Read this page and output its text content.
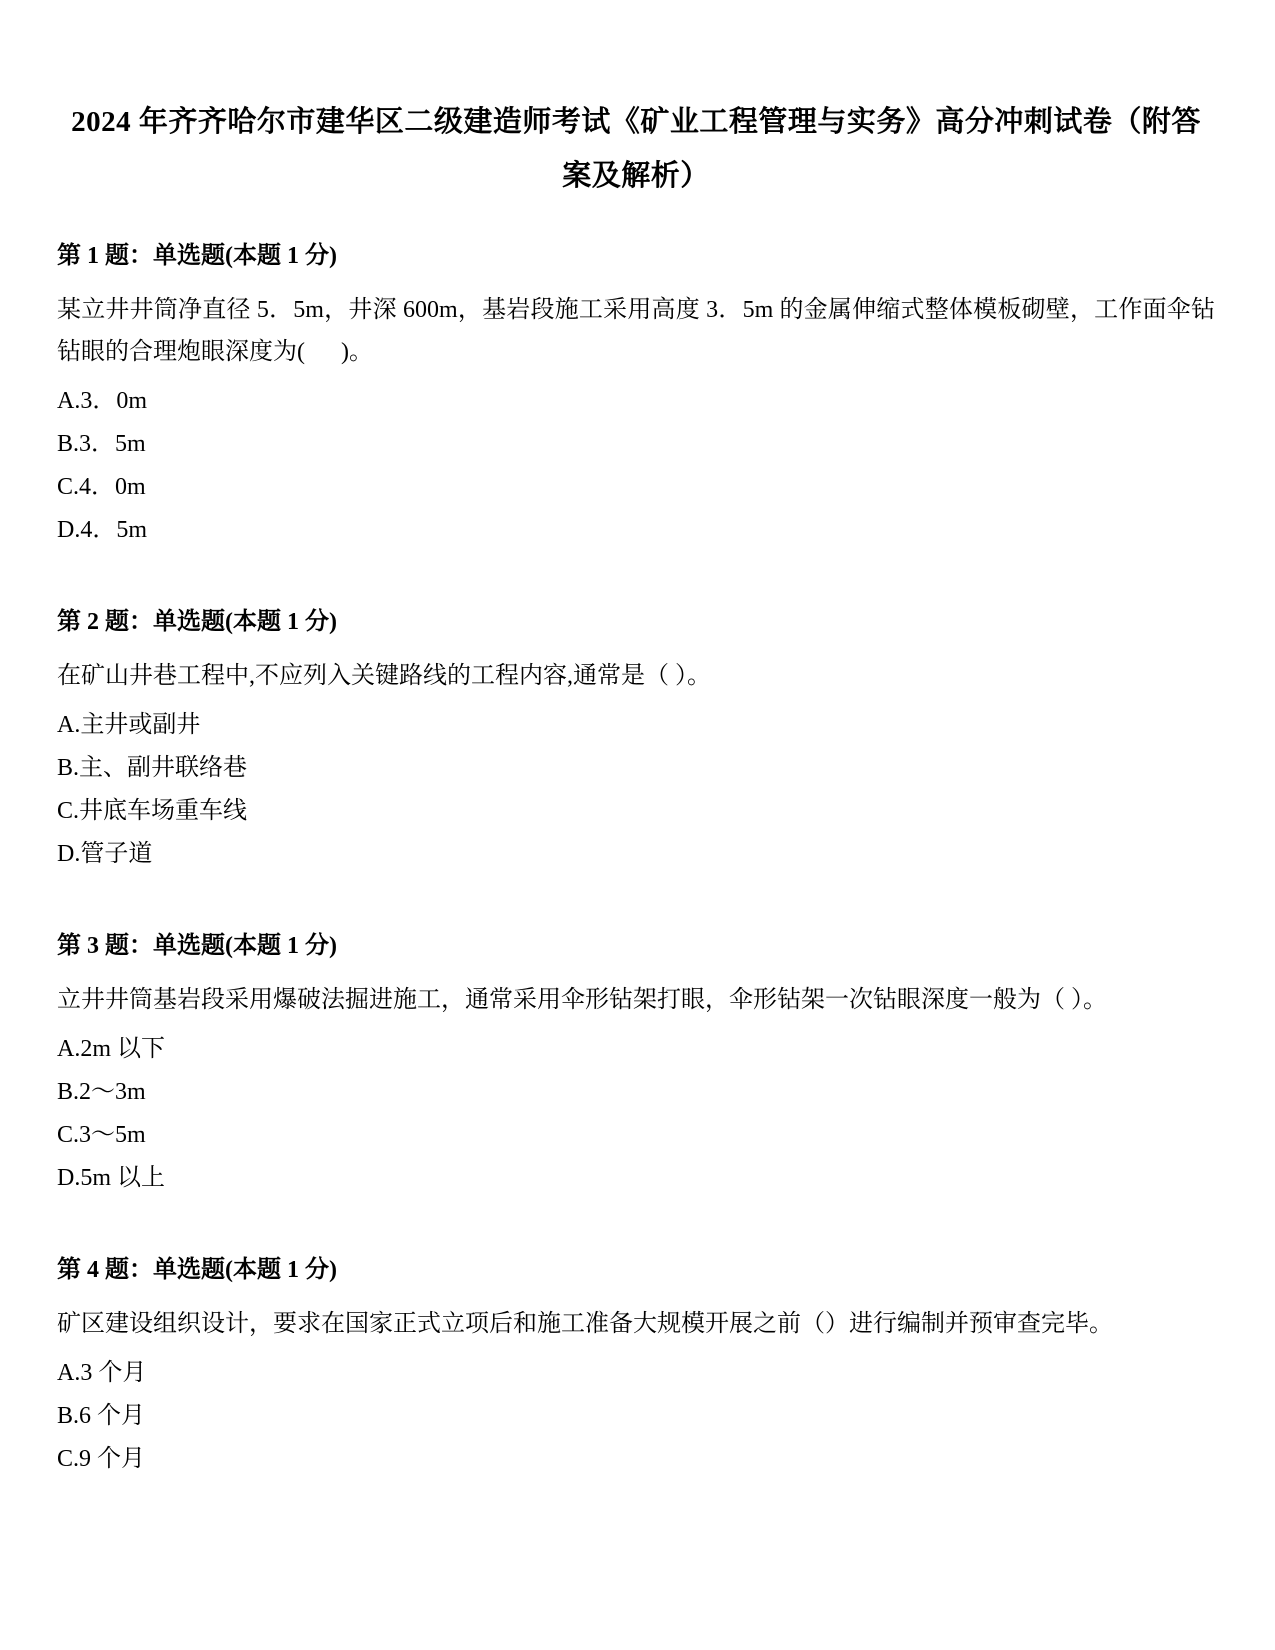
2024 年齐齐哈尔市建华区二级建造师考试《矿业工程管理与实务》高分冲刺试卷（附答案及解析）
第 1 题：单选题(本题 1 分)

某立井井筒净直径 5．5m，井深 600m，基岩段施工采用高度 3．5m 的金属伸缩式整体模板砌壁，工作面伞钻钻眼的合理炮眼深度为(      )。

A.3．0m

B.3．5m

C.4．0m

D.4．5m

第 2 题：单选题(本题 1 分)

在矿山井巷工程中,不应列入关键路线的工程内容,通常是（ ）。

A.主井或副井

B.主、副井联络巷

C.井底车场重车线

D.管子道

第 3 题：单选题(本题 1 分)

立井井筒基岩段采用爆破法掘进施工，通常采用伞形钻架打眼，伞形钻架一次钻眼深度一般为（ ）。

A.2m 以下

B.2～3m

C.3～5m

D.5m 以上

第 4 题：单选题(本题 1 分)

矿区建设组织设计，要求在国家正式立项后和施工准备大规模开展之前（）进行编制并预审查完毕。

A.3 个月

B.6 个月

C.9 个月
